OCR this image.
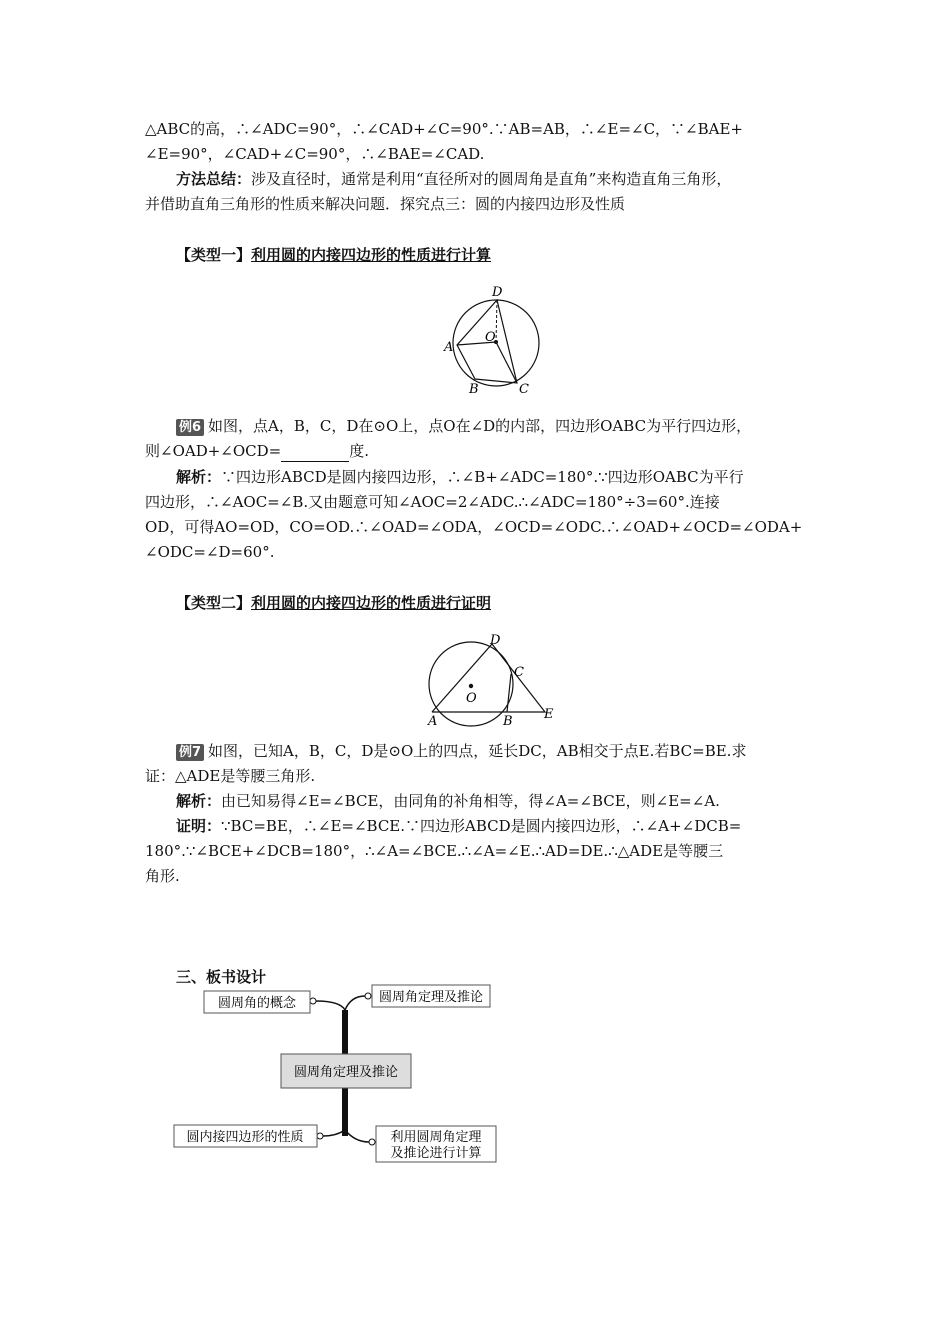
△ABC的高，∴∠ADC=90°，∴∠CAD+∠C=90°.∵AB=AB，∴∠E=∠C，∵∠BAE+
∠E=90°，∠CAD+∠C=90°，∴∠BAE=∠CAD.
方法总结：涉及直径时，通常是利用“直径所对的圆周角是直角”来构造直角三角形，
并借助直角三角形的性质来解决问题．探究点三：圆的内接四边形及性质
【类型一】利用圆的内接四边形的性质进行计算
D
O
A
B	C
例6 如图，点A，B，C，D在⊙O上，点O在∠D的内部，四边形OABC为平行四边形，
则∠OAD+∠OCD=	度.
解析：∵四边形ABCD是圆内接四边形，∴∠B+∠ADC=180°.∵四边形OABC为平行
四边形，∴∠AOC=∠B.又由题意可知∠AOC=2∠ADC.∴∠ADC=180°÷3=60°.连接
OD，可得AO=OD，CO=OD.∴∠OAD=∠ODA，∠OCD=∠ODC.∴∠OAD+∠OCD=∠ODA+
∠ODC=∠D=60°.
【类型二】利用圆的内接四边形的性质进行证明
D
C
O
A	B E
例7 如图，已知A，B，C，D是⊙O上的四点，延长DC，AB相交于点E.若BC=BE.求
证：△ADE是等腰三角形.
解析：由已知易得∠E=∠BCE，由同角的补角相等，得∠A=∠BCE，则∠E=∠A.
证明：∵BC=BE，∴∠E=∠BCE.∵四边形ABCD是圆内接四边形，∴∠A+∠DCB=
180°.∵∠BCE+∠DCB=180°，∴∠A=∠BCE.∴∠A=∠E.∴AD=DE.∴△ADE是等腰三
角形.
三、板书设计
圆周角的概念	圆周角定理及推论
圆周角定理及推论
圆内接四边形的性质	利用圆周角定理
及推论进行计算
